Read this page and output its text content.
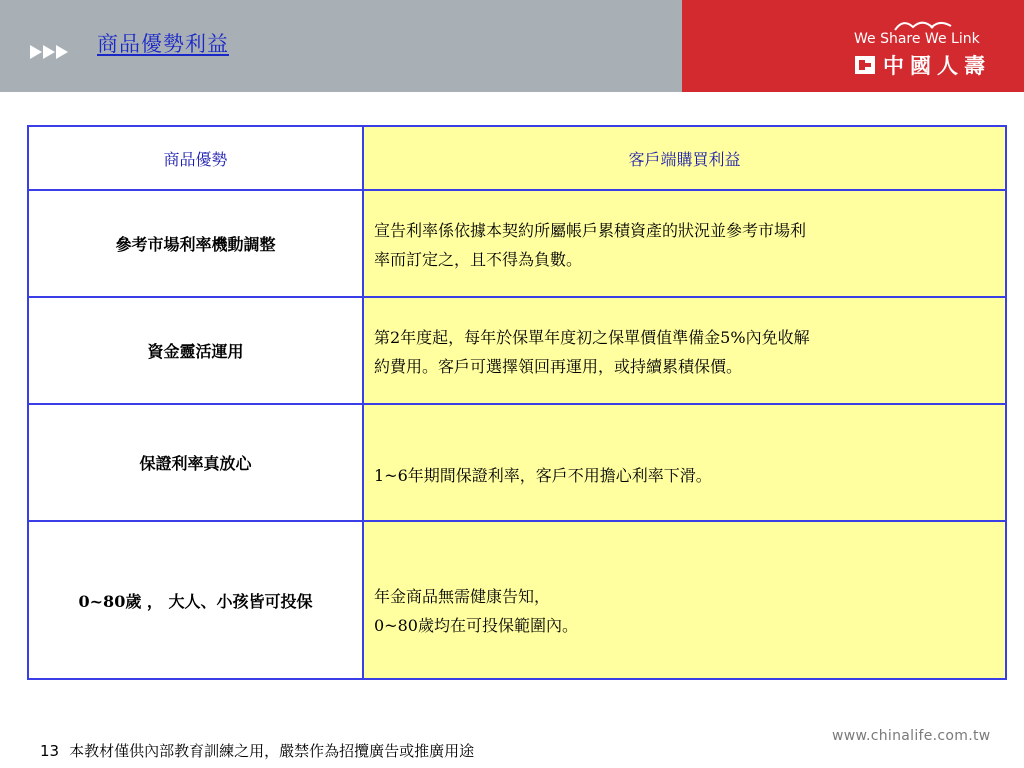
商品優勢利益	We Share We Link
中國人壽
商品優勢	客戶端購買利益
參考市場利率機動調整	宣告利率係依據本契約所屬帳戶累積資產的狀況並參考市場利
率而訂定之，且不得為負數。

資金靈活運用	第2年度起，每年於保單年度初之保單價值準備金5%內免收解
約費用。客戶可選擇領回再運用，或持續累積保價。

保證利率真放心	1~6年期間保證利率，客戶不用擔心利率下滑。

0~80歲 ， 大人、小孩皆可投保	年金商品無需健康告知，
0~80歲均在可投保範圍內。
13 本教材僅供內部教育訓練之用，嚴禁作為招攬廣告或推廣用途
www.chinalife.com.tw
